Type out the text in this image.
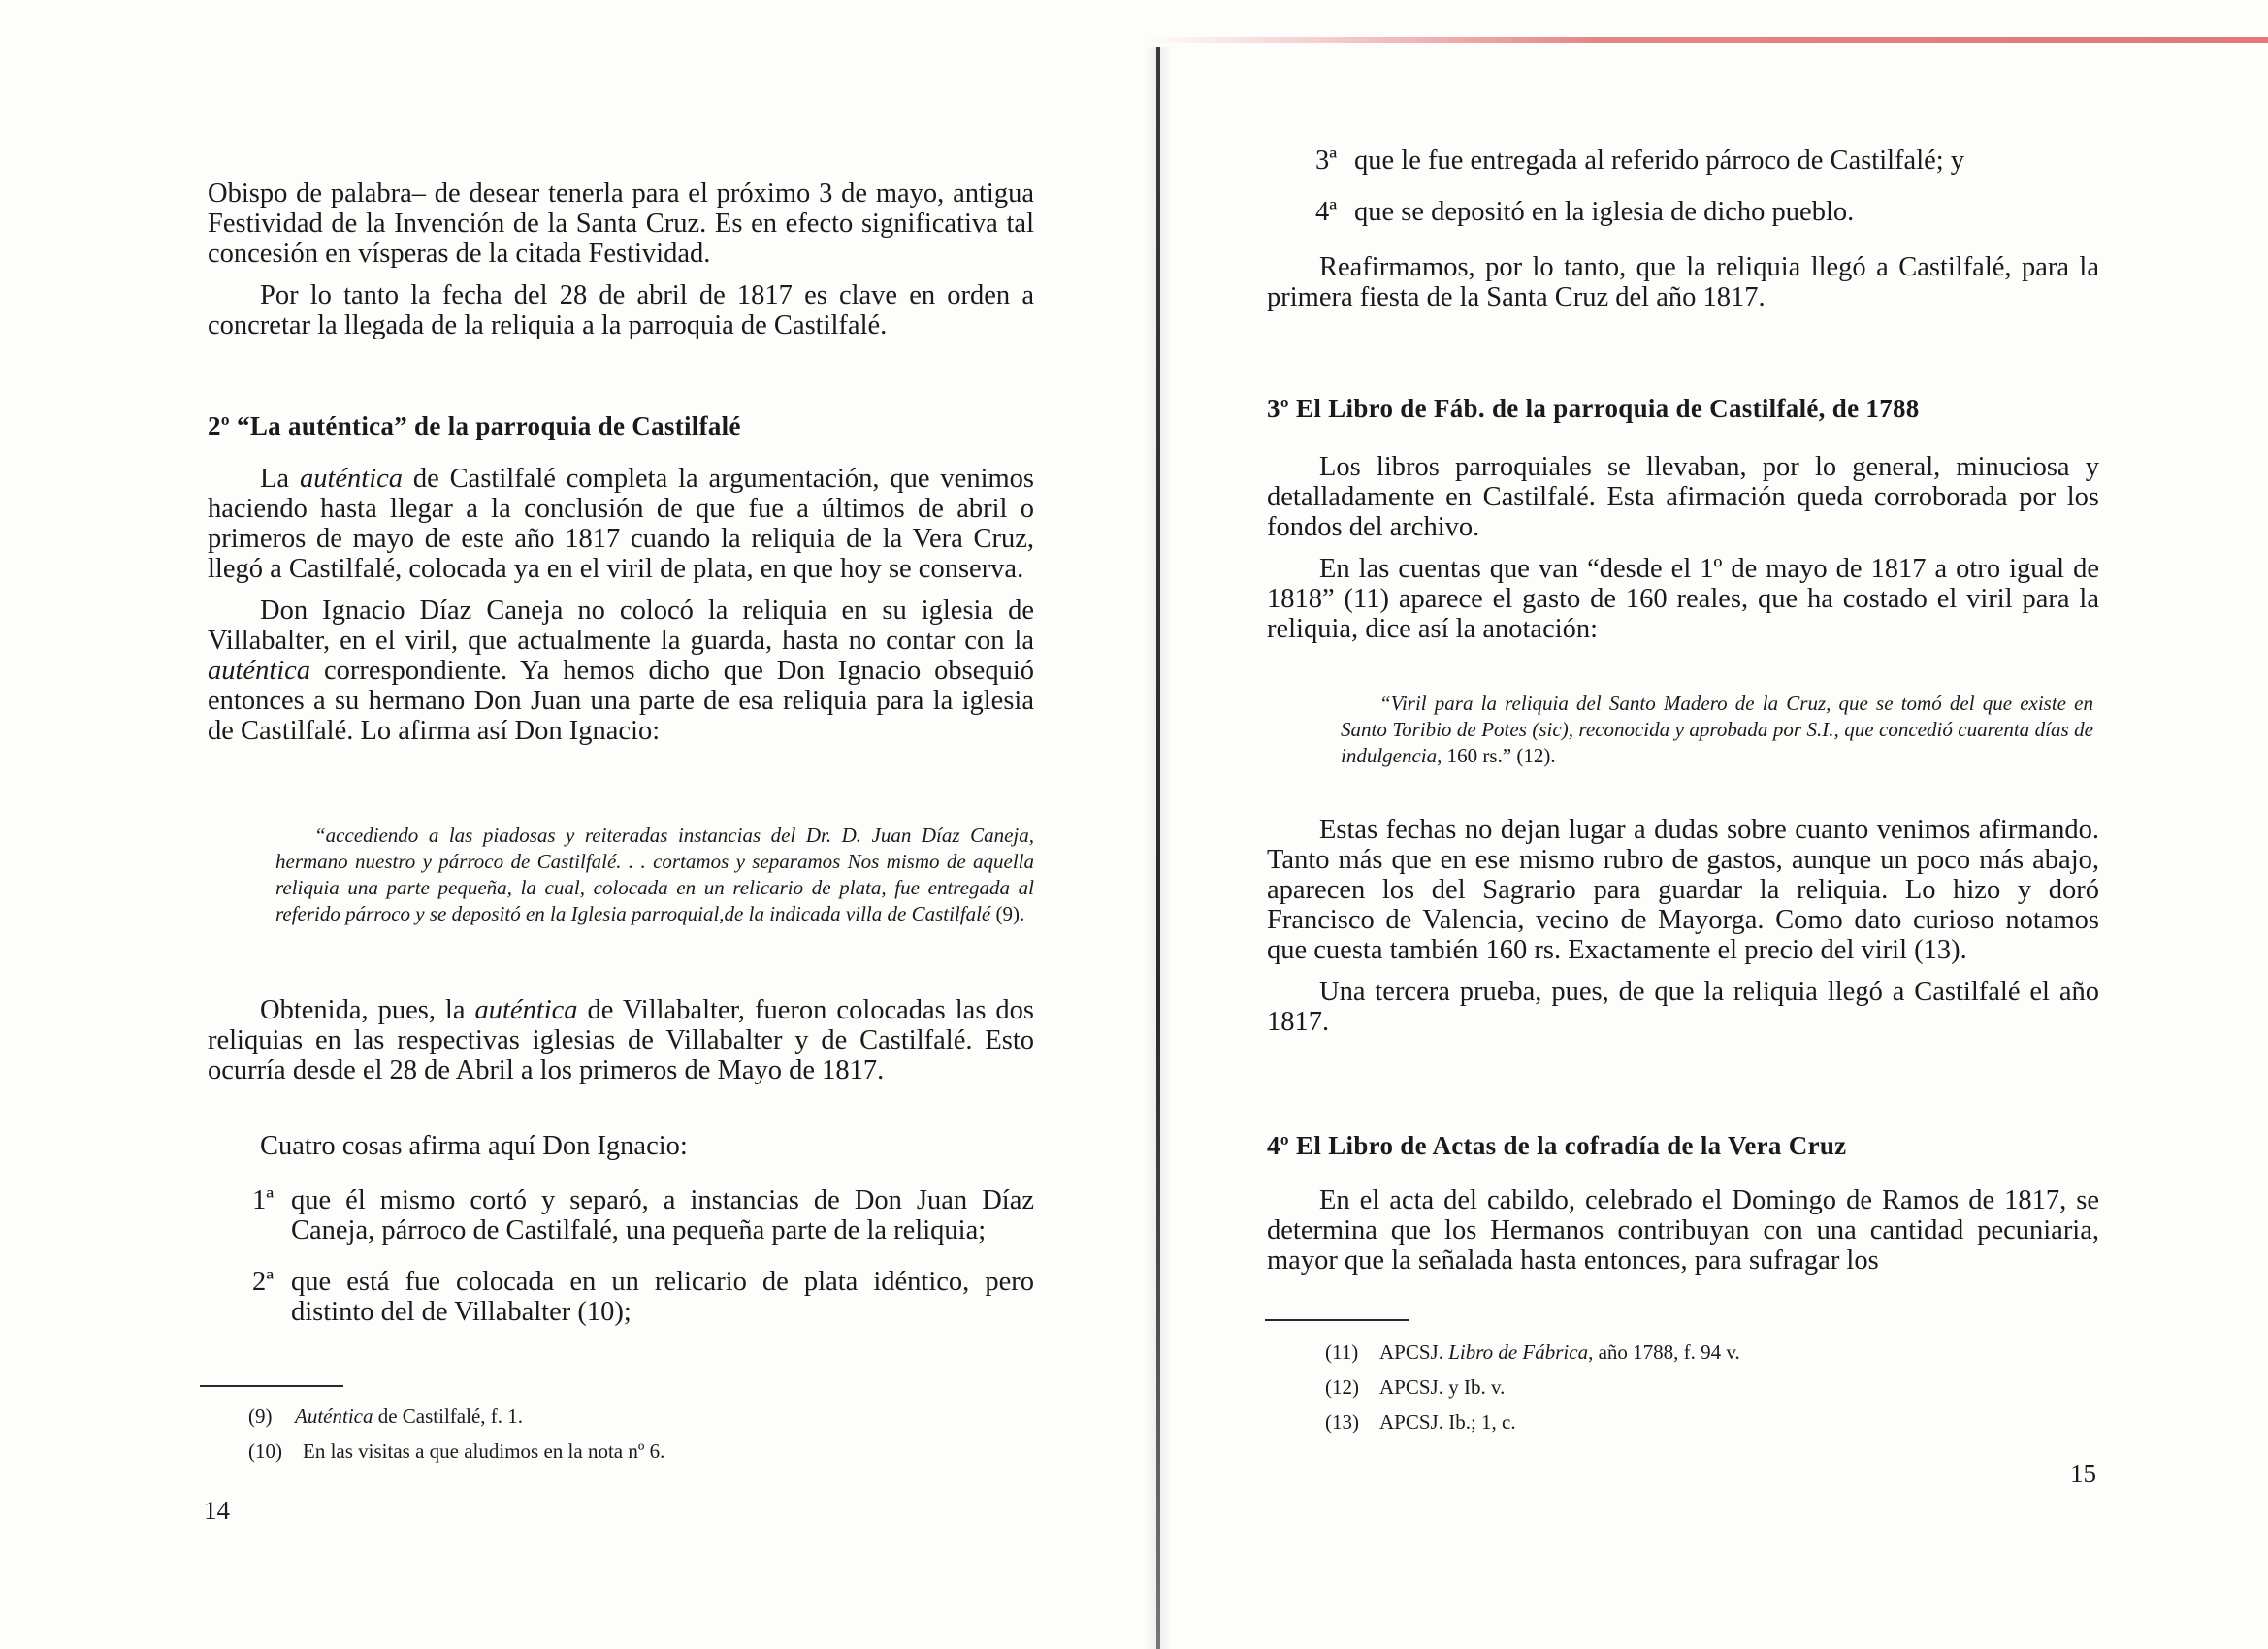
Obispo de palabra– de desear tenerla para el próximo 3 de mayo, antigua Festividad de la Invención de la Santa Cruz. Es en efecto significativa tal concesión en vísperas de la citada Festividad.

Por lo tanto la fecha del 28 de abril de 1817 es clave en orden a concretar la llegada de la reliquia a la parroquia de Castilfalé.

2º “La auténtica” de la parroquia de Castilfalé

La auténtica de Castilfalé completa la argumentación, que venimos haciendo hasta llegar a la conclusión de que fue a últimos de abril o primeros de mayo de este año 1817 cuando la reliquia de la Vera Cruz, llegó a Castilfalé, colocada ya en el viril de plata, en que hoy se conserva.

Don Ignacio Díaz Caneja no colocó la reliquia en su iglesia de Villabalter, en el viril, que actualmente la guarda, hasta no contar con la auténtica correspondiente. Ya hemos dicho que Don Ignacio obsequió entonces a su hermano Don Juan una parte de esa reliquia para la iglesia de Castilfalé. Lo afirma así Don Ignacio:

“accediendo a las piadosas y reiteradas instancias del Dr. D. Juan Díaz Caneja, hermano nuestro y párroco de Castilfalé. . . cortamos y separamos Nos mismo de aquella reliquia una parte pequeña, la cual, colocada en un relicario de plata, fue entregada al referido párroco y se depositó en la Iglesia parroquial,de la indicada villa de Castilfalé (9).

Obtenida, pues, la auténtica de Villabalter, fueron colocadas las dos reliquias en las respectivas iglesias de Villabalter y de Castilfalé. Esto ocurría desde el 28 de Abril a los primeros de Mayo de 1817.

Cuatro cosas afirma aquí Don Ignacio:

1ª que él mismo cortó y separó, a instancias de Don Juan Díaz Caneja, párroco de Castilfalé, una pequeña parte de la reliquia;
2ª que está fue colocada en un relicario de plata idéntico, pero distinto del de Villabalter (10);
(9) Auténtica de Castilfalé, f. 1.
(10) En las visitas a que aludimos en la nota nº 6.
14
3ª que le fue entregada al referido párroco de Castilfalé; y
4ª que se depositó en la iglesia de dicho pueblo.

Reafirmamos, por lo tanto, que la reliquia llegó a Castilfalé, para la primera fiesta de la Santa Cruz del año 1817.

3º El Libro de Fáb. de la parroquia de Castilfalé, de 1788

Los libros parroquiales se llevaban, por lo general, minuciosa y detalladamente en Castilfalé. Esta afirmación queda corroborada por los fondos del archivo.

En las cuentas que van “desde el 1º de mayo de 1817 a otro igual de 1818” (11) aparece el gasto de 160 reales, que ha costado el viril para la reliquia, dice así la anotación:

“Viril para la reliquia del Santo Madero de la Cruz, que se tomó del que existe en Santo Toribio de Potes (sic), reconocida y aprobada por S.I., que concedió cuarenta días de indulgencia, 160 rs.” (12).

Estas fechas no dejan lugar a dudas sobre cuanto venimos afirmando. Tanto más que en ese mismo rubro de gastos, aunque un poco más abajo, aparecen los del Sagrario para guardar la reliquia. Lo hizo y doró Francisco de Valencia, vecino de Mayorga. Como dato curioso notamos que cuesta también 160 rs. Exactamente el precio del viril (13).

Una tercera prueba, pues, de que la reliquia llegó a Castilfalé el año 1817.

4º El Libro de Actas de la cofradía de la Vera Cruz

En el acta del cabildo, celebrado el Domingo de Ramos de 1817, se determina que los Hermanos contribuyan con una cantidad pecuniaria, mayor que la señalada hasta entonces, para sufragar los

(11) APCSJ. Libro de Fábrica, año 1788, f. 94 v.
(12) APCSJ. y Ib. v.
(13) APCSJ. Ib.; 1, c.
15
